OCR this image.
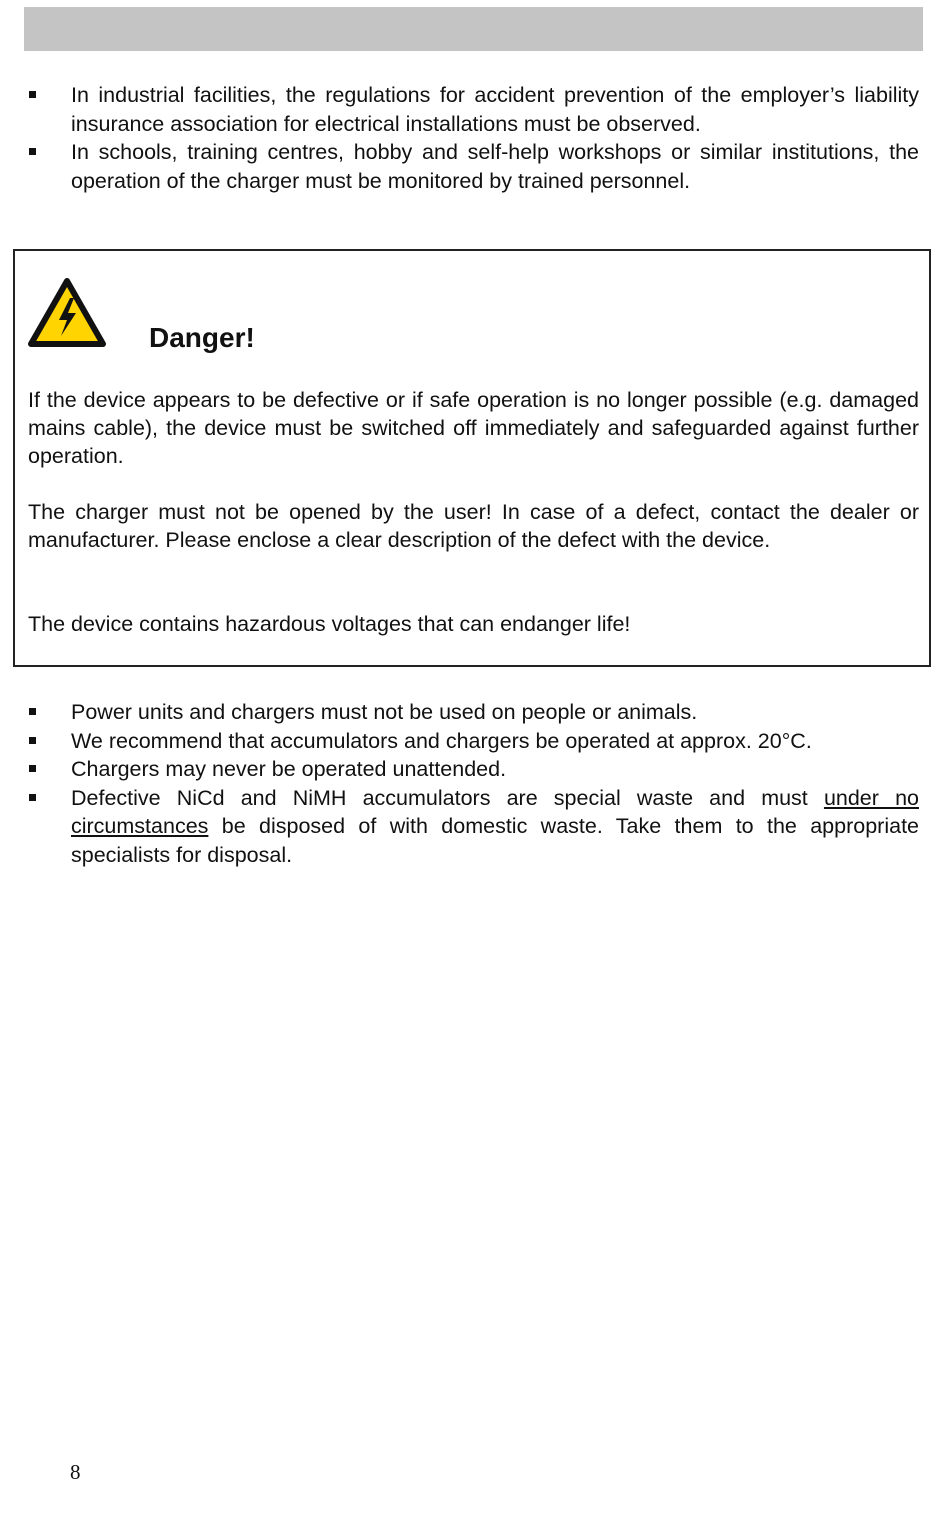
In industrial facilities, the regulations for accident prevention of the employer’s liability insurance association for electrical installations must be observed.
In schools, training centres, hobby and self-help workshops or similar institutions, the operation of the charger must be monitored by trained personnel.
Danger!

If the device appears to be defective or if safe operation is no longer possible (e.g. damaged mains cable), the device must be switched off immediately and safeguarded against further operation.

The charger must not be opened by the user! In case of a defect, contact the dealer or manufacturer. Please enclose a clear description of the defect with the device.

The device contains hazardous voltages that can endanger life!

Power units and chargers must not be used on people or animals.
We recommend that accumulators and chargers be operated at approx. 20°C.
Chargers may never be operated unattended.
Defective NiCd and NiMH accumulators are special waste and must under no circumstances be disposed of with domestic waste. Take them to the appropriate specialists for disposal.
8
